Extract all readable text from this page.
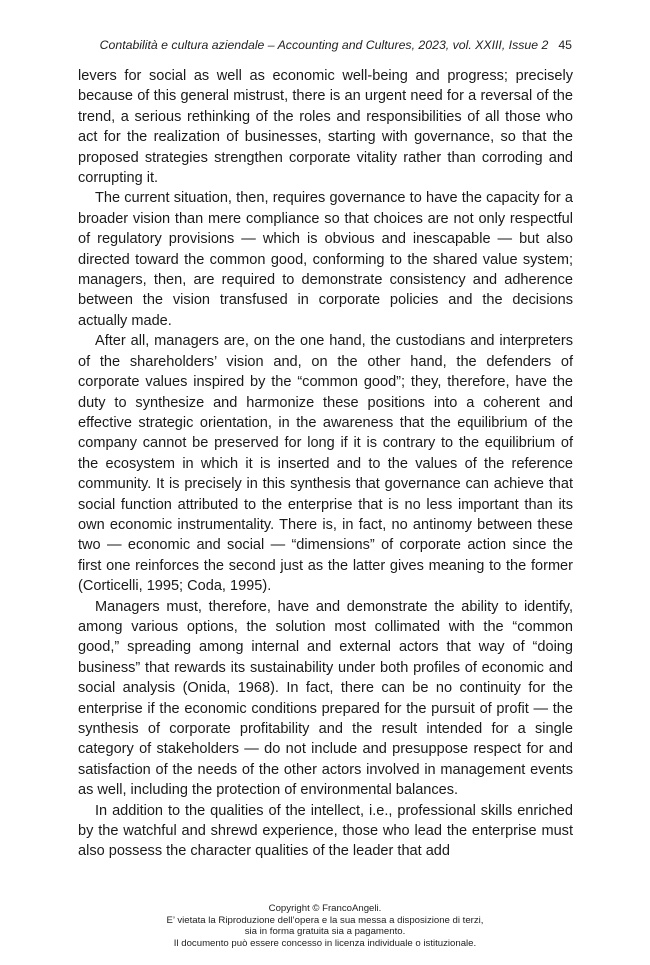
Contabilità e cultura aziendale – Accounting and Cultures, 2023, vol. XXIII, Issue 2 45

levers for social as well as economic well-being and progress; precisely because of this general mistrust, there is an urgent need for a reversal of the trend, a serious rethinking of the roles and responsibilities of all those who act for the realization of businesses, starting with governance, so that the proposed strategies strengthen corporate vitality rather than corroding and corrupting it.

The current situation, then, requires governance to have the capacity for a broader vision than mere compliance so that choices are not only respectful of regulatory provisions — which is obvious and inescapable — but also directed toward the common good, conforming to the shared value system; managers, then, are required to demonstrate consistency and adherence between the vision transfused in corporate policies and the decisions actually made.

After all, managers are, on the one hand, the custodians and interpreters of the shareholders’ vision and, on the other hand, the defenders of corporate values inspired by the “common good”; they, therefore, have the duty to synthesize and harmonize these positions into a coherent and effective strategic orientation, in the awareness that the equilibrium of the company cannot be preserved for long if it is contrary to the equilibrium of the ecosystem in which it is inserted and to the values of the reference community. It is precisely in this synthesis that governance can achieve that social function attributed to the enterprise that is no less important than its own economic instrumentality. There is, in fact, no antinomy between these two — economic and social — “dimensions” of corporate action since the first one reinforces the second just as the latter gives meaning to the former (Corticelli, 1995; Coda, 1995).

Managers must, therefore, have and demonstrate the ability to identify, among various options, the solution most collimated with the “common good,” spreading among internal and external actors that way of “doing business” that rewards its sustainability under both profiles of economic and social analysis (Onida, 1968). In fact, there can be no continuity for the enterprise if the economic conditions prepared for the pursuit of profit — the synthesis of corporate profitability and the result intended for a single category of stakeholders — do not include and presuppose respect for and satisfaction of the needs of the other actors involved in management events as well, including the protection of environmental balances.

In addition to the qualities of the intellect, i.e., professional skills enriched by the watchful and shrewd experience, those who lead the enterprise must also possess the character qualities of the leader that add

Copyright © FrancoAngeli.
E’ vietata la Riproduzione dell’opera e la sua messa a disposizione di terzi,
sia in forma gratuita sia a pagamento.
Il documento può essere concesso in licenza individuale o istituzionale.
